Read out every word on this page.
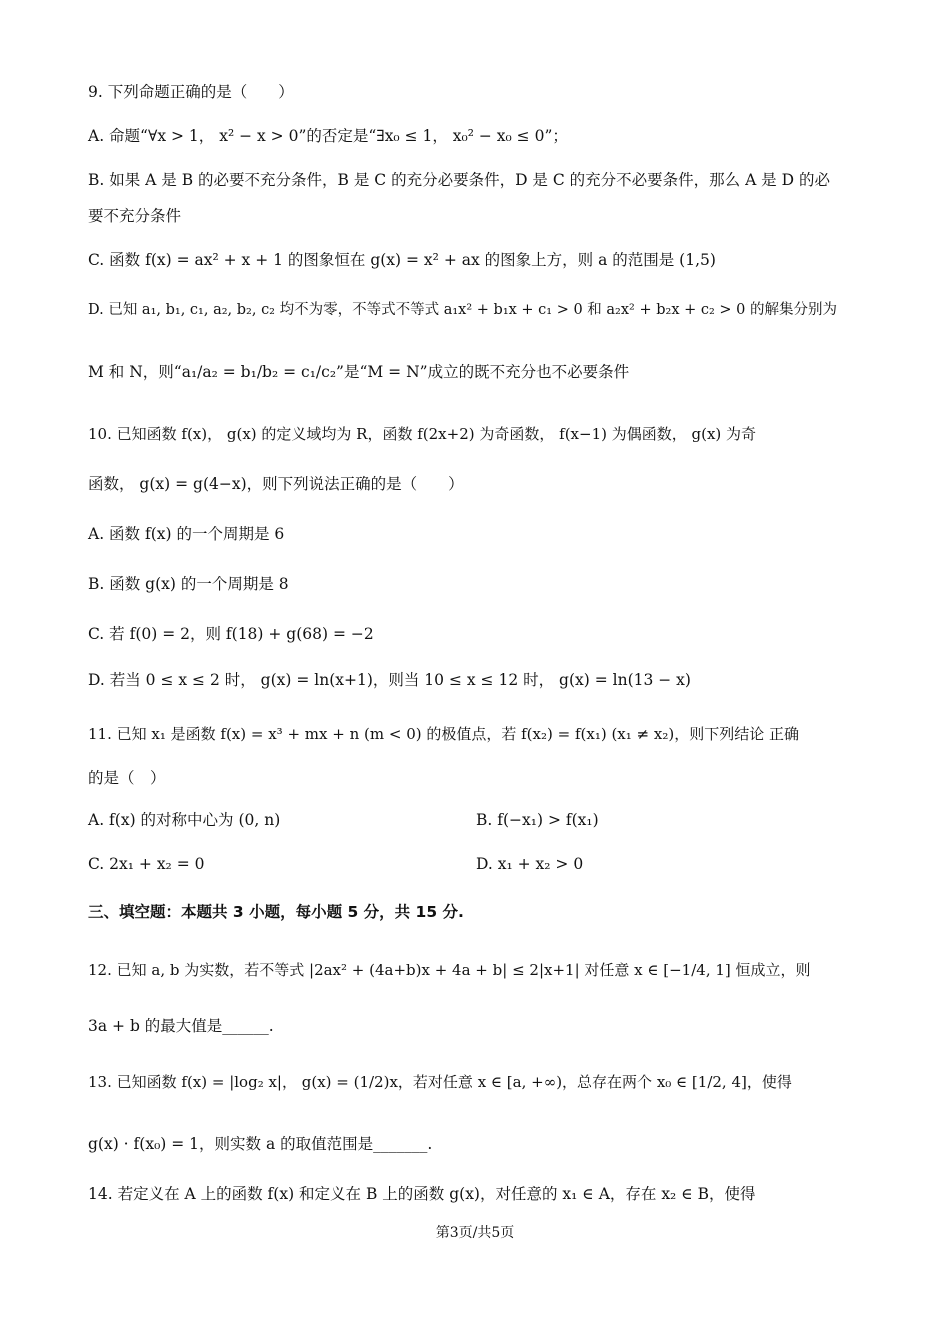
9. 下列命题正确的是（　　）
A. 命题“∀x > 1， x² − x > 0”的否定是“∃x₀ ≤ 1， x₀² − x₀ ≤ 0”；
B. 如果 A 是 B 的必要不充分条件，B 是 C 的充分必要条件，D 是 C 的充分不必要条件，那么 A 是 D 的必
要不充分条件
C. 函数 f(x) = ax² + x + 1 的图象恒在 g(x) = x² + ax 的图象上方，则 a 的范围是 (1,5)
D. 已知 a₁, b₁, c₁, a₂, b₂, c₂ 均不为零，不等式不等式 a₁x² + b₁x + c₁ > 0 和 a₂x² + b₂x + c₂ > 0 的解集分别为
M 和 N，则“a₁/a₂ = b₁/b₂ = c₁/c₂”是“M = N”成立的既不充分也不必要条件
10. 已知函数 f(x)， g(x) 的定义域均为 R，函数 f(2x+2) 为奇函数， f(x−1) 为偶函数， g(x) 为奇
函数， g(x) = g(4−x)，则下列说法正确的是（　　）
A. 函数 f(x) 的一个周期是 6
B. 函数 g(x) 的一个周期是 8
C. 若 f(0) = 2，则 f(18) + g(68) = −2
D. 若当 0 ≤ x ≤ 2 时， g(x) = ln(x+1)，则当 10 ≤ x ≤ 12 时， g(x) = ln(13 − x)
11. 已知 x₁ 是函数 f(x) = x³ + mx + n (m < 0) 的极值点，若 f(x₂) = f(x₁) (x₁ ≠ x₂)，则下列结论 正确
的是（　）
A. f(x) 的对称中心为 (0, n)	B. f(−x₁) > f(x₁)
C. 2x₁ + x₂ = 0	D. x₁ + x₂ > 0
三、填空题：本题共 3 小题，每小题 5 分，共 15 分.
12. 已知 a, b 为实数，若不等式 |2ax² + (4a+b)x + 4a + b| ≤ 2|x+1| 对任意 x ∈ [−1/4, 1] 恒成立，则
3a + b 的最大值是______.
13. 已知函数 f(x) = |log₂ x|， g(x) = (1/2)x，若对任意 x ∈ [a, +∞)，总存在两个 x₀ ∈ [1/2, 4]，使得
g(x) · f(x₀) = 1，则实数 a 的取值范围是_______.
14. 若定义在 A 上的函数 f(x) 和定义在 B 上的函数 g(x)，对任意的 x₁ ∈ A，存在 x₂ ∈ B，使得
第3页/共5页
